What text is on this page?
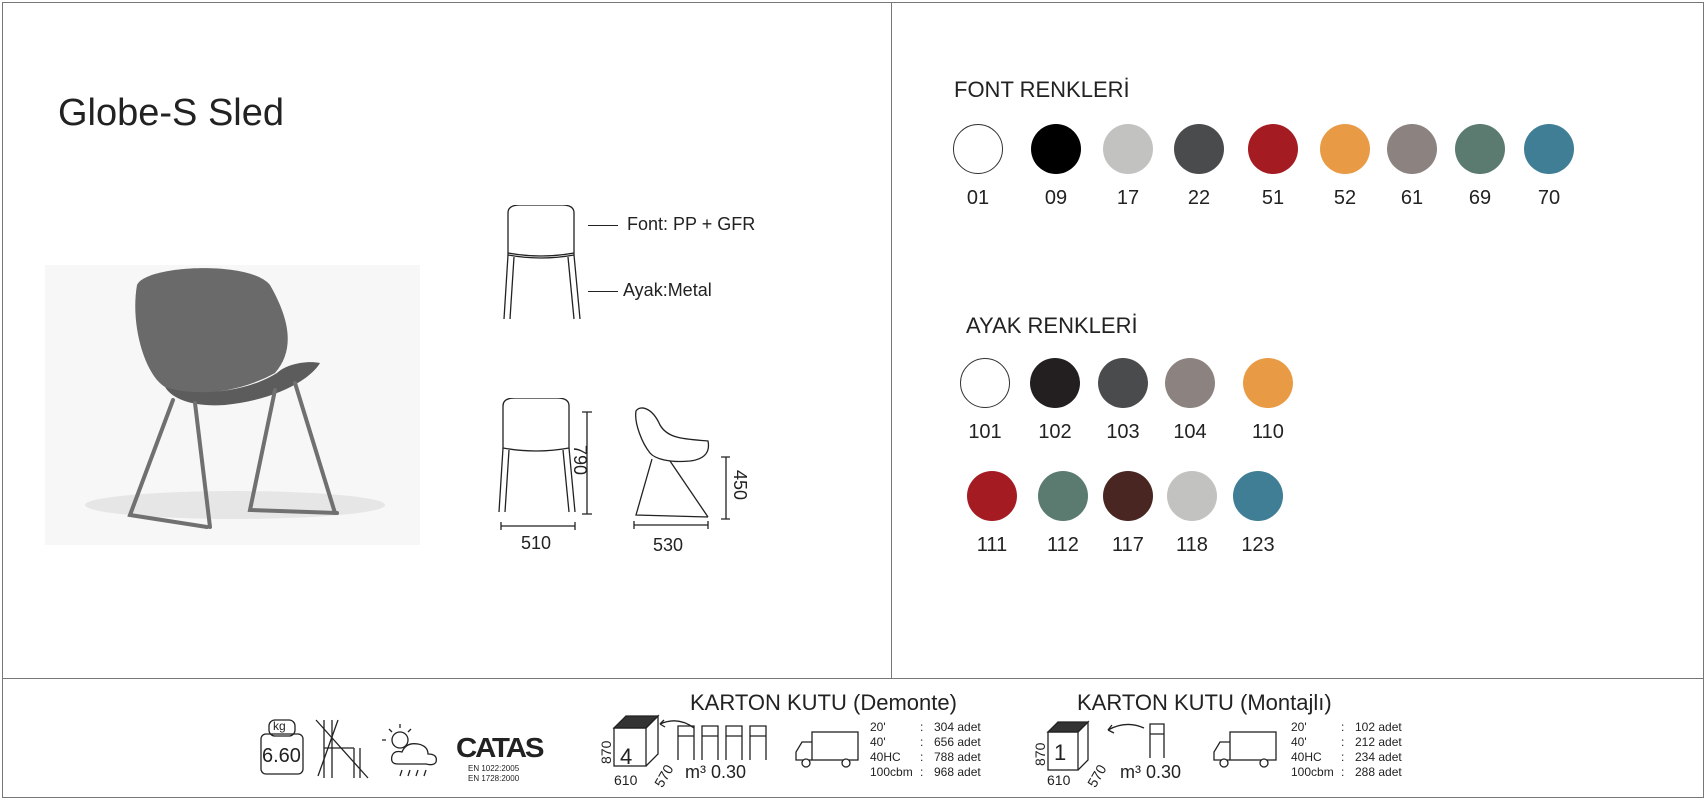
Globe-S Sled
Font: PP + GFR
Ayak:Metal
790
510
450
530
FONT RENKLERİ
01	09	17	22	51	52	61	69	70
AYAK RENKLERİ
101	102	103	104	110
111	112	117	118	123
kg
6.60	CATAS
EN 1022:2005
EN 1728:2000
KARTON KUTU (Demonte)
4
870
610 570 m³ 0.30
20'	: 304 adet
40'	: 656 adet
40HC	: 788 adet
100cbm : 968 adet
KARTON KUTU (Montajlı)
1
870
610 570 m³ 0.30
20'	: 102 adet
40'	: 212 adet
40HC	: 234 adet
100cbm : 288 adet
